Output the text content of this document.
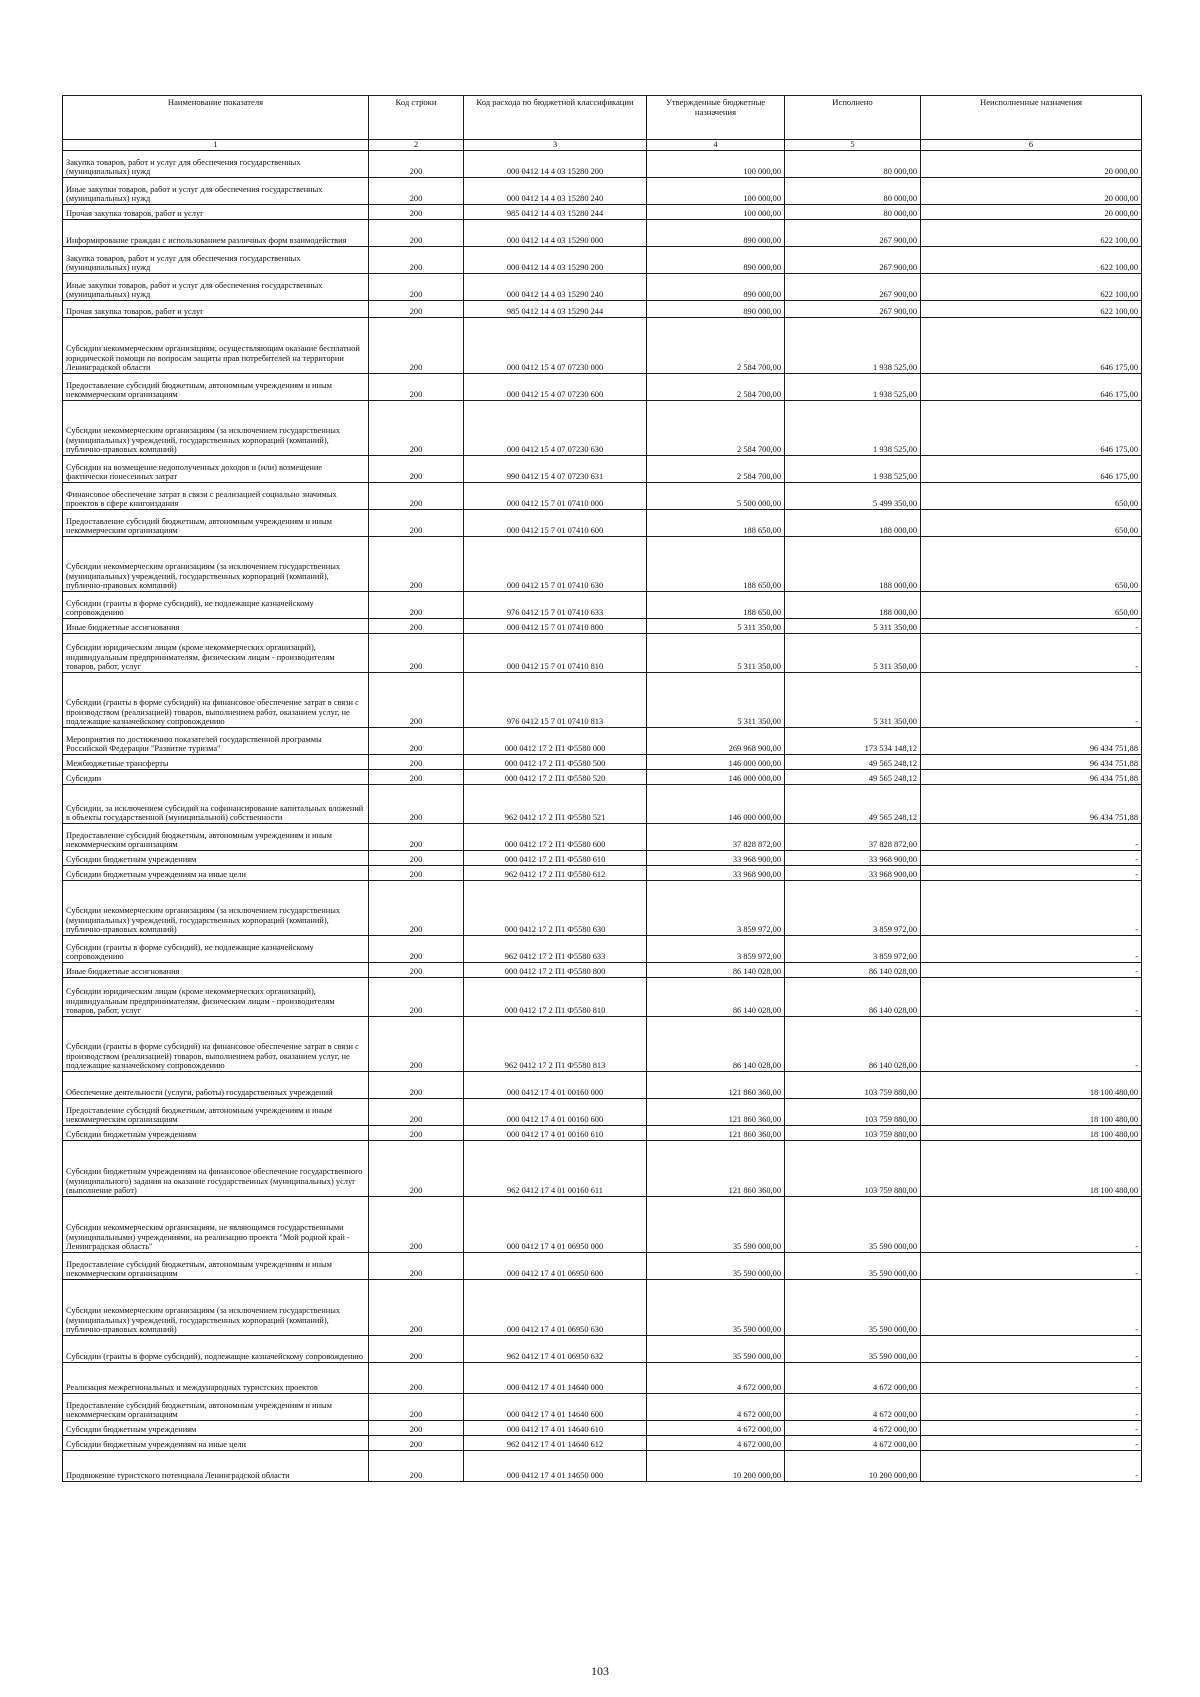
Наименование показателя	Код строки	Код расхода по бюджетной классификации	Утвержденные бюджетные назначения	Исполнено	Неисполненные назначения
1	2	3	4	5	6
Закупка товаров, работ и услуг для обеспечения государственных (муниципальных) нужд	200	000 0412 14 4 03 15280 200	100 000,00	80 000,00	20 000,00
Иные закупки товаров, работ и услуг для обеспечения государственных (муниципальных) нужд	200	000 0412 14 4 03 15280 240	100 000,00	80 000,00	20 000,00
Прочая закупка товаров, работ и услуг	200	985 0412 14 4 03 15280 244	100 000,00	80 000,00	20 000,00
Информирование граждан с использованием различных форм взаимодействия	200	000 0412 14 4 03 15290 000	890 000,00	267 900,00	622 100,00
Закупка товаров, работ и услуг для обеспечения государственных (муниципальных) нужд	200	000 0412 14 4 03 15290 200	890 000,00	267 900,00	622 100,00
Иные закупки товаров, работ и услуг для обеспечения государственных (муниципальных) нужд	200	000 0412 14 4 03 15290 240	890 000,00	267 900,00	622 100,00
Прочая закупка товаров, работ и услуг	200	985 0412 14 4 03 15290 244	890 000,00	267 900,00	622 100,00
Субсидии некоммерческим организациям, осуществляющим оказание бесплатной юридической помощи по вопросам защиты прав потребителей на территории Ленинградской области	200	000 0412 15 4 07 07230 000	2 584 700,00	1 938 525,00	646 175,00
Предоставление субсидий бюджетным, автономным учреждениям и иным некоммерческим организациям	200	000 0412 15 4 07 07230 600	2 584 700,00	1 938 525,00	646 175,00
Субсидии некоммерческим организациям (за исключением государственных (муниципальных) учреждений, государственных корпораций (компаний), публично-правовых компаний)	200	000 0412 15 4 07 07230 630	2 584 700,00	1 938 525,00	646 175,00
Субсидии на возмещение недополученных доходов и (или) возмещение фактически понесенных затрат	200	990 0412 15 4 07 07230 631	2 584 700,00	1 938 525,00	646 175,00
Финансовое обеспечение затрат в связи с реализацией социально значимых проектов в сфере книгоиздания	200	000 0412 15 7 01 07410 000	5 500 000,00	5 499 350,00	650,00
Предоставление субсидий бюджетным, автономным учреждениям и иным некоммерческим организациям	200	000 0412 15 7 01 07410 600	188 650,00	188 000,00	650,00
Субсидии некоммерческим организациям (за исключением государственных (муниципальных) учреждений, государственных корпораций (компаний), публично-правовых компаний)	200	000 0412 15 7 01 07410 630	188 650,00	188 000,00	650,00
Субсидии (гранты в форме субсидий), не подлежащие казначейскому сопровождению	200	976 0412 15 7 01 07410 633	188 650,00	188 000,00	650,00
Иные бюджетные ассигнования	200	000 0412 15 7 01 07410 800	5 311 350,00	5 311 350,00	-
Субсидии юридическим лицам (кроме некоммерческих организаций), индивидуальным предпринимателям, физическим лицам - производителям товаров, работ, услуг	200	000 0412 15 7 01 07410 810	5 311 350,00	5 311 350,00	-
Субсидии (гранты в форме субсидий) на финансовое обеспечение затрат в связи с производством (реализацией) товаров, выполнением работ, оказанием услуг, не подлежащие казначейскому сопровождению	200	976 0412 15 7 01 07410 813	5 311 350,00	5 311 350,00	-
Мероприятия по достижению показателей государственной программы Российской Федерации "Развитие туризма"	200	000 0412 17 2 П1 Ф5580 000	269 968 900,00	173 534 148,12	96 434 751,88
Межбюджетные трансферты	200	000 0412 17 2 П1 Ф5580 500	146 000 000,00	49 565 248,12	96 434 751,88
Субсидии	200	000 0412 17 2 П1 Ф5580 520	146 000 000,00	49 565 248,12	96 434 751,88
Субсидии, за исключением субсидий на софинансирование капитальных вложений в объекты государственной (муниципальной) собственности	200	962 0412 17 2 П1 Ф5580 521	146 000 000,00	49 565 248,12	96 434 751,88
Предоставление субсидий бюджетным, автономным учреждениям и иным некоммерческим организациям	200	000 0412 17 2 П1 Ф5580 600	37 828 872,00	37 828 872,00	-
Субсидии бюджетным учреждениям	200	000 0412 17 2 П1 Ф5580 610	33 968 900,00	33 968 900,00	-
Субсидии бюджетным учреждениям на иные цели	200	962 0412 17 2 П1 Ф5580 612	33 968 900,00	33 968 900,00	-
Субсидии некоммерческим организациям (за исключением государственных (муниципальных) учреждений, государственных корпораций (компаний), публично-правовых компаний)	200	000 0412 17 2 П1 Ф5580 630	3 859 972,00	3 859 972,00	-
Субсидии (гранты в форме субсидий), не подлежащие казначейскому сопровождению	200	962 0412 17 2 П1 Ф5580 633	3 859 972,00	3 859 972,00	-
Иные бюджетные ассигнования	200	000 0412 17 2 П1 Ф5580 800	86 140 028,00	86 140 028,00	-
Субсидии юридическим лицам (кроме некоммерческих организаций), индивидуальным предпринимателям, физическим лицам - производителям товаров, работ, услуг	200	000 0412 17 2 П1 Ф5580 810	86 140 028,00	86 140 028,00	-
Субсидии (гранты в форме субсидий) на финансовое обеспечение затрат в связи с производством (реализацией) товаров, выполнением работ, оказанием услуг, не подлежащие казначейскому сопровождению	200	962 0412 17 2 П1 Ф5580 813	86 140 028,00	86 140 028,00	-
Обеспечение деятельности (услуги, работы) государственных учреждений	200	000 0412 17 4 01 00160 000	121 860 360,00	103 759 880,00	18 100 480,00
Предоставление субсидий бюджетным, автономным учреждениям и иным некоммерческим организациям	200	000 0412 17 4 01 00160 600	121 860 360,00	103 759 880,00	18 100 480,00
Субсидии бюджетным учреждениям	200	000 0412 17 4 01 00160 610	121 860 360,00	103 759 880,00	18 100 480,00
Субсидии бюджетным учреждениям на финансовое обеспечение государственного (муниципального) задания на оказание государственных (муниципальных) услуг (выполнение работ)	200	962 0412 17 4 01 00160 611	121 860 360,00	103 759 880,00	18 100 480,00
Субсидии некоммерческим организациям, не являющимся государственными (муниципальными) учреждениями, на реализацию проекта "Мой родной край - Ленинградская область"	200	000 0412 17 4 01 06950 000	35 590 000,00	35 590 000,00	-
Предоставление субсидий бюджетным, автономным учреждениям и иным некоммерческим организациям	200	000 0412 17 4 01 06950 600	35 590 000,00	35 590 000,00	-
Субсидии некоммерческим организациям (за исключением государственных (муниципальных) учреждений, государственных корпораций (компаний), публично-правовых компаний)	200	000 0412 17 4 01 06950 630	35 590 000,00	35 590 000,00	-
Субсидии (гранты в форме субсидий), подлежащие казначейскому сопровождению	200	962 0412 17 4 01 06950 632	35 590 000,00	35 590 000,00	-
Реализация межрегиональных и международных туристских проектов	200	000 0412 17 4 01 14640 000	4 672 000,00	4 672 000,00	-
Предоставление субсидий бюджетным, автономным учреждениям и иным некоммерческим организациям	200	000 0412 17 4 01 14640 600	4 672 000,00	4 672 000,00	-
Субсидии бюджетным учреждениям	200	000 0412 17 4 01 14640 610	4 672 000,00	4 672 000,00	-
Субсидии бюджетным учреждениям на иные цели	200	962 0412 17 4 01 14640 612	4 672 000,00	4 672 000,00	-
Продвижение туристского потенциала Ленинградской области	200	000 0412 17 4 01 14650 000	10 200 000,00	10 200 000,00	-
103
